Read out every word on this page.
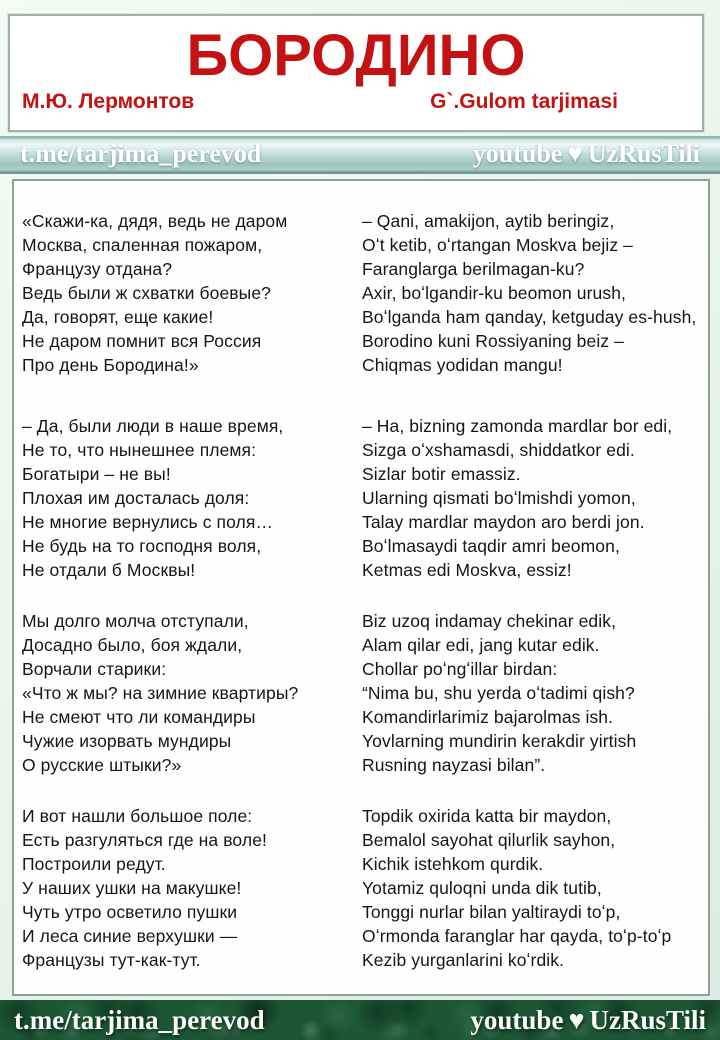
БОРОДИНО
М.Ю. Лермонтов	G`.Gulom tarjimasi
t.me/tarjima_perevod	youtube ♥ UzRusTili
«Скажи-ка, дядя, ведь не даром
Москва, спаленная пожаром,
Французу отдана?
Ведь были ж схватки боевые?
Да, говорят, еще какие!
Не даром помнит вся Россия
Про день Бородина!»
– Qani, amakijon, aytib beringiz,
Oʻt ketib, oʻrtangan Moskva bejiz –
Faranglarga berilmagan-ku?
Axir, boʻlgandir-ku beomon urush,
Boʻlganda ham qanday, ketguday es-hush,
Borodino kuni Rossiyaning beiz –
Chiqmas yodidan mangu!
– Да, были люди в наше время,
Не то, что нынешнее племя:
Богатыри – не вы!
Плохая им досталась доля:
Не многие вернулись с поля…
Не будь на то господня воля,
Не отдали б Москвы!
– Ha, bizning zamonda mardlar bor edi,
Sizga oʻxshamasdi, shiddatkor edi.
Sizlar botir emassiz.
Ularning qismati boʻlmishdi yomon,
Talay mardlar maydon aro berdi jon.
Boʻlmasaydi taqdir amri beomon,
Ketmas edi Moskva, essiz!
Мы долго молча отступали,
Досадно было, боя ждали,
Ворчали старики:
«Что ж мы? на зимние квартиры?
Не смеют что ли командиры
Чужие изорвать мундиры
О русские штыки?»
Biz uzoq indamay chekinar edik,
Alam qilar edi, jang kutar edik.
Chollar poʻngʻillar birdan:
“Nima bu, shu yerda oʻtadimi qish?
Komandirlarimiz bajarolmas ish.
Yovlarning mundirin kerakdir yirtish
Rusning nayzasi bilan”.
И вот нашли большое поле:
Есть разгуляться где на воле!
Построили редут.
У наших ушки на макушке!
Чуть утро осветило пушки
И леса синие верхушки —
Французы тут-как-тут.
Topdik oxirida katta bir maydon,
Bemalol sayohat qilurlik sayhon,
Kichik istehkom qurdik.
Yotamiz quloqni unda dik tutib,
Tonggi nurlar bilan yaltiraydi toʻp,
Oʻrmonda faranglar har qayda, toʻp-toʻp
Kezib yurganlarini koʻrdik.
t.me/tarjima_perevod	youtube ♥ UzRusTili
